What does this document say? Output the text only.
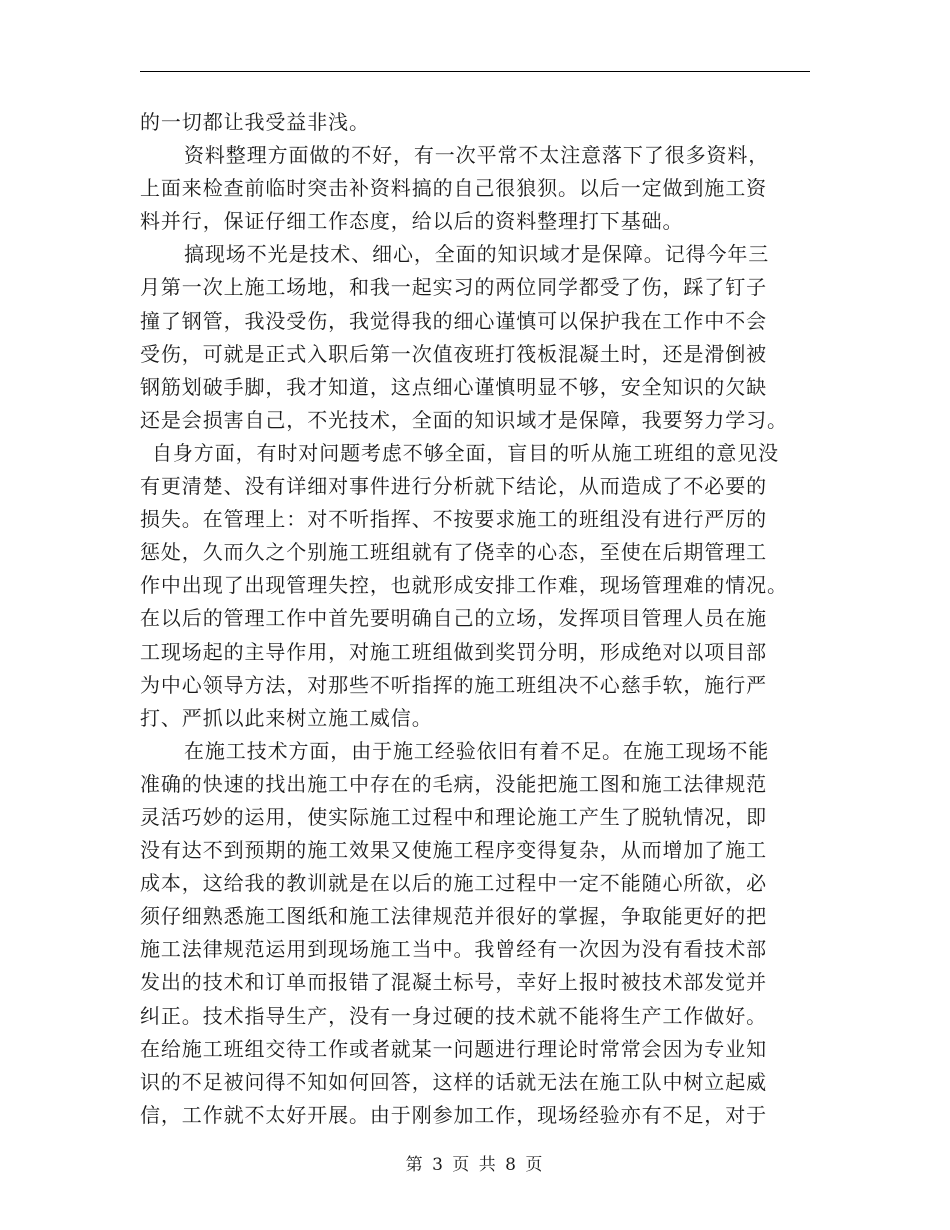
的一切都让我受益非浅。
资料整理方面做的不好，有一次平常不太注意落下了很多资料，
上面来检查前临时突击补资料搞的自己很狼狈。以后一定做到施工资
料并行，保证仔细工作态度，给以后的资料整理打下基础。
搞现场不光是技术、细心，全面的知识域才是保障。记得今年三
月第一次上施工场地，和我一起实习的两位同学都受了伤，踩了钉子
撞了钢管，我没受伤，我觉得我的细心谨慎可以保护我在工作中不会
受伤，可就是正式入职后第一次值夜班打筏板混凝土时，还是滑倒被
钢筋划破手脚，我才知道，这点细心谨慎明显不够，安全知识的欠缺
还是会损害自己，不光技术，全面的知识域才是保障，我要努力学习。
自身方面，有时对问题考虑不够全面，盲目的听从施工班组的意见没
有更清楚、没有详细对事件进行分析就下结论，从而造成了不必要的
损失。在管理上：对不听指挥、不按要求施工的班组没有进行严厉的
惩处，久而久之个别施工班组就有了侥幸的心态，至使在后期管理工
作中出现了出现管理失控，也就形成安排工作难，现场管理难的情况。
在以后的管理工作中首先要明确自己的立场，发挥项目管理人员在施
工现场起的主导作用，对施工班组做到奖罚分明，形成绝对以项目部
为中心领导方法，对那些不听指挥的施工班组决不心慈手软，施行严
打、严抓以此来树立施工威信。
在施工技术方面，由于施工经验依旧有着不足。在施工现场不能
准确的快速的找出施工中存在的毛病，没能把施工图和施工法律规范
灵活巧妙的运用，使实际施工过程中和理论施工产生了脱轨情况，即
没有达不到预期的施工效果又使施工程序变得复杂，从而增加了施工
成本，这给我的教训就是在以后的施工过程中一定不能随心所欲，必
须仔细熟悉施工图纸和施工法律规范并很好的掌握，争取能更好的把
施工法律规范运用到现场施工当中。我曾经有一次因为没有看技术部
发出的技术和订单而报错了混凝土标号，幸好上报时被技术部发觉并
纠正。技术指导生产，没有一身过硬的技术就不能将生产工作做好。
在给施工班组交待工作或者就某一问题进行理论时常常会因为专业知
识的不足被问得不知如何回答，这样的话就无法在施工队中树立起威
信，工作就不太好开展。由于刚参加工作，现场经验亦有不足，对于
第 3 页 共 8 页
